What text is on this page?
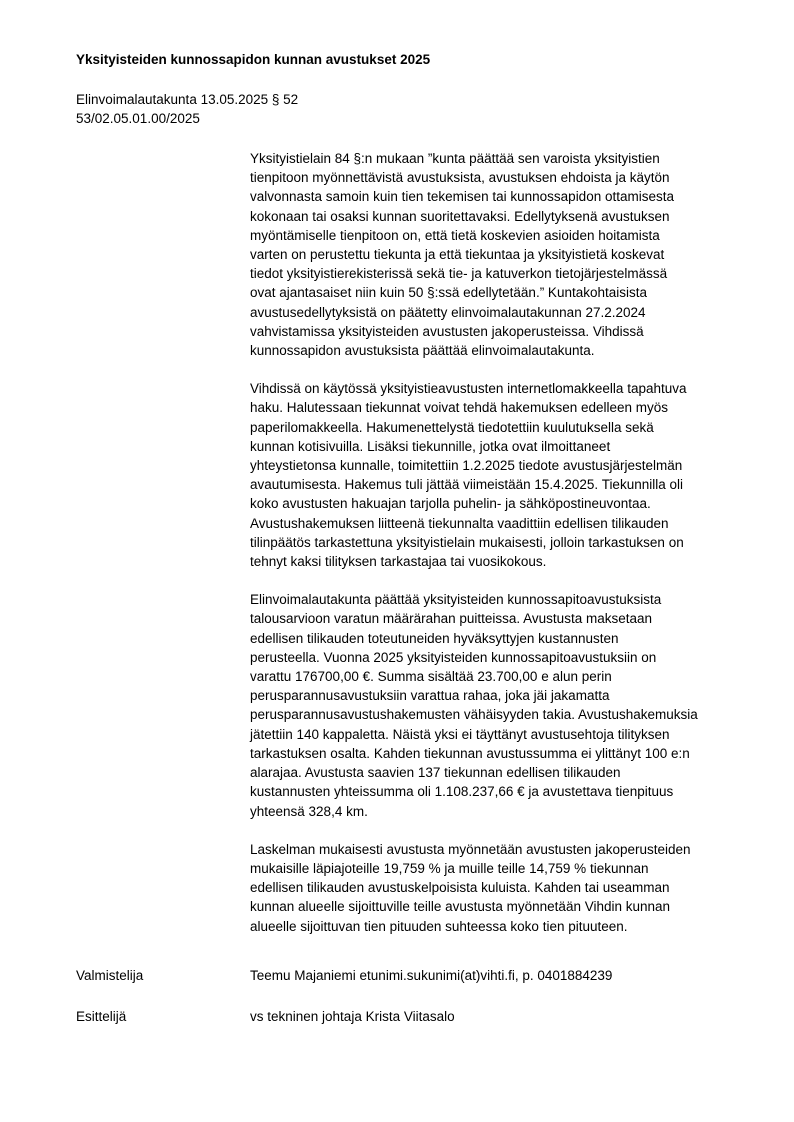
Yksityisteiden kunnossapidon kunnan avustukset 2025
Elinvoimalautakunta 13.05.2025 § 52
53/02.05.01.00/2025
Yksityistielain 84 §:n mukaan ”kunta päättää sen varoista yksityistien
tienpitoon myönnettävistä avustuksista, avustuksen ehdoista ja käytön
valvonnasta samoin kuin tien tekemisen tai kunnossapidon ottamisesta
kokonaan tai osaksi kunnan suoritettavaksi. Edellytyksenä avustuksen
myöntämiselle tienpitoon on, että tietä koskevien asioiden hoitamista
varten on perustettu tiekunta ja että tiekuntaa ja yksityistietä koskevat
tiedot yksityistierekisterissä sekä tie- ja katuverkon tietojärjestelmässä
ovat ajantasaiset niin kuin 50 §:ssä edellytetään.” Kuntakohtaisista
avustusedellytyksistä on päätetty elinvoimalautakunnan 27.2.2024
vahvistamissa yksityisteiden avustusten jakoperusteissa. Vihdissä
kunnossapidon avustuksista päättää elinvoimalautakunta.
Vihdissä on käytössä yksityistieavustusten internetlomakkeella tapahtuva
haku. Halutessaan tiekunnat voivat tehdä hakemuksen edelleen myös
paperilomakkeella. Hakumenettelystä tiedotettiin kuulutuksella sekä
kunnan kotisivuilla. Lisäksi tiekunnille, jotka ovat ilmoittaneet
yhteystietonsa kunnalle, toimitettiin 1.2.2025 tiedote avustusjärjestelmän
avautumisesta. Hakemus tuli jättää viimeistään 15.4.2025. Tiekunnilla oli
koko avustusten hakuajan tarjolla puhelin- ja sähköpostineuvontaa.
Avustushakemuksen liitteenä tiekunnalta vaadittiin edellisen tilikauden
tilinpäätös tarkastettuna yksityistielain mukaisesti, jolloin tarkastuksen on
tehnyt kaksi tilityksen tarkastajaa tai vuosikokous.
Elinvoimalautakunta päättää yksityisteiden kunnossapitoavustuksista
talousarvioon varatun määrärahan puitteissa. Avustusta maksetaan
edellisen tilikauden toteutuneiden hyväksyttyjen kustannusten
perusteella. Vuonna 2025 yksityisteiden kunnossapitoavustuksiin on
varattu 176700,00 €. Summa sisältää 23.700,00 e alun perin
perusparannusavustuksiin varattua rahaa, joka jäi jakamatta
perusparannusavustushakemusten vähäisyyden takia. Avustushakemuksia
jätettiin 140 kappaletta. Näistä yksi ei täyttänyt avustusehtoja tilityksen
tarkastuksen osalta. Kahden tiekunnan avustussumma ei ylittänyt 100 e:n
alarajaa. Avustusta saavien 137 tiekunnan edellisen tilikauden
kustannusten yhteissumma oli 1.108.237,66 € ja avustettava tienpituus
yhteensä 328,4 km.
Laskelman mukaisesti avustusta myönnetään avustusten jakoperusteiden
mukaisille läpiajoteille 19,759 % ja muille teille 14,759 % tiekunnan
edellisen tilikauden avustuskelpoisista kuluista. Kahden tai useamman
kunnan alueelle sijoittuville teille avustusta myönnetään Vihdin kunnan
alueelle sijoittuvan tien pituuden suhteessa koko tien pituuteen.
Valmistelija	Teemu Majaniemi etunimi.sukunimi(at)vihti.fi, p. 0401884239
Esittelijä	vs tekninen johtaja Krista Viitasalo
